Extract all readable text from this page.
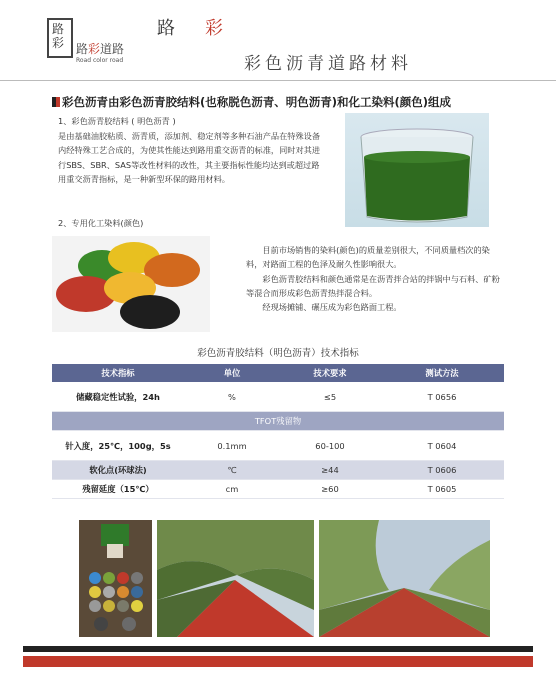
路彩 路彩道路
Road color road
路 彩
彩色沥青道路材料
彩色沥青由彩色沥青胶结料(也称脱色沥青、明色沥青)和化工染料(颜色)组成
1、彩色沥青胶结料 ( 明色沥青 )
是由基础油胶粘质、沥青质，添加剂、稳定剂等多种石油产品在特殊设备内经特殊工艺合成的，为使其性能达到路用重交沥青的标准，同时对其进行SBS、SBR、SAS等改性材料的改性，其主要指标性能均达到或超过路用重交沥青指标，是一种新型环保的路用材料。
2、专用化工染料(颜色)
目前市场销售的染料(颜色)的质量差别很大，不同质量档次的染料，对路面工程的色泽及耐久性影响很大。
彩色沥青胶结料和颜色通常是在沥青拌合站的拌锅中与石料、矿粉等混合而形成彩色沥青热拌混合料。
经现场摊铺、碾压成为彩色路面工程。
彩色沥青胶结料（明色沥青）技术指标
技术指标	单位	技术要求	测试方法
储藏稳定性试验，24h	%	≤5	T 0656
TFOT残留物			
针入度，25℃，100g，5s	0.1mm	60-100	T 0604
软化点(环球法)	℃	≥44	T 0606
残留延度（15℃）	cm	≥60	T 0605
